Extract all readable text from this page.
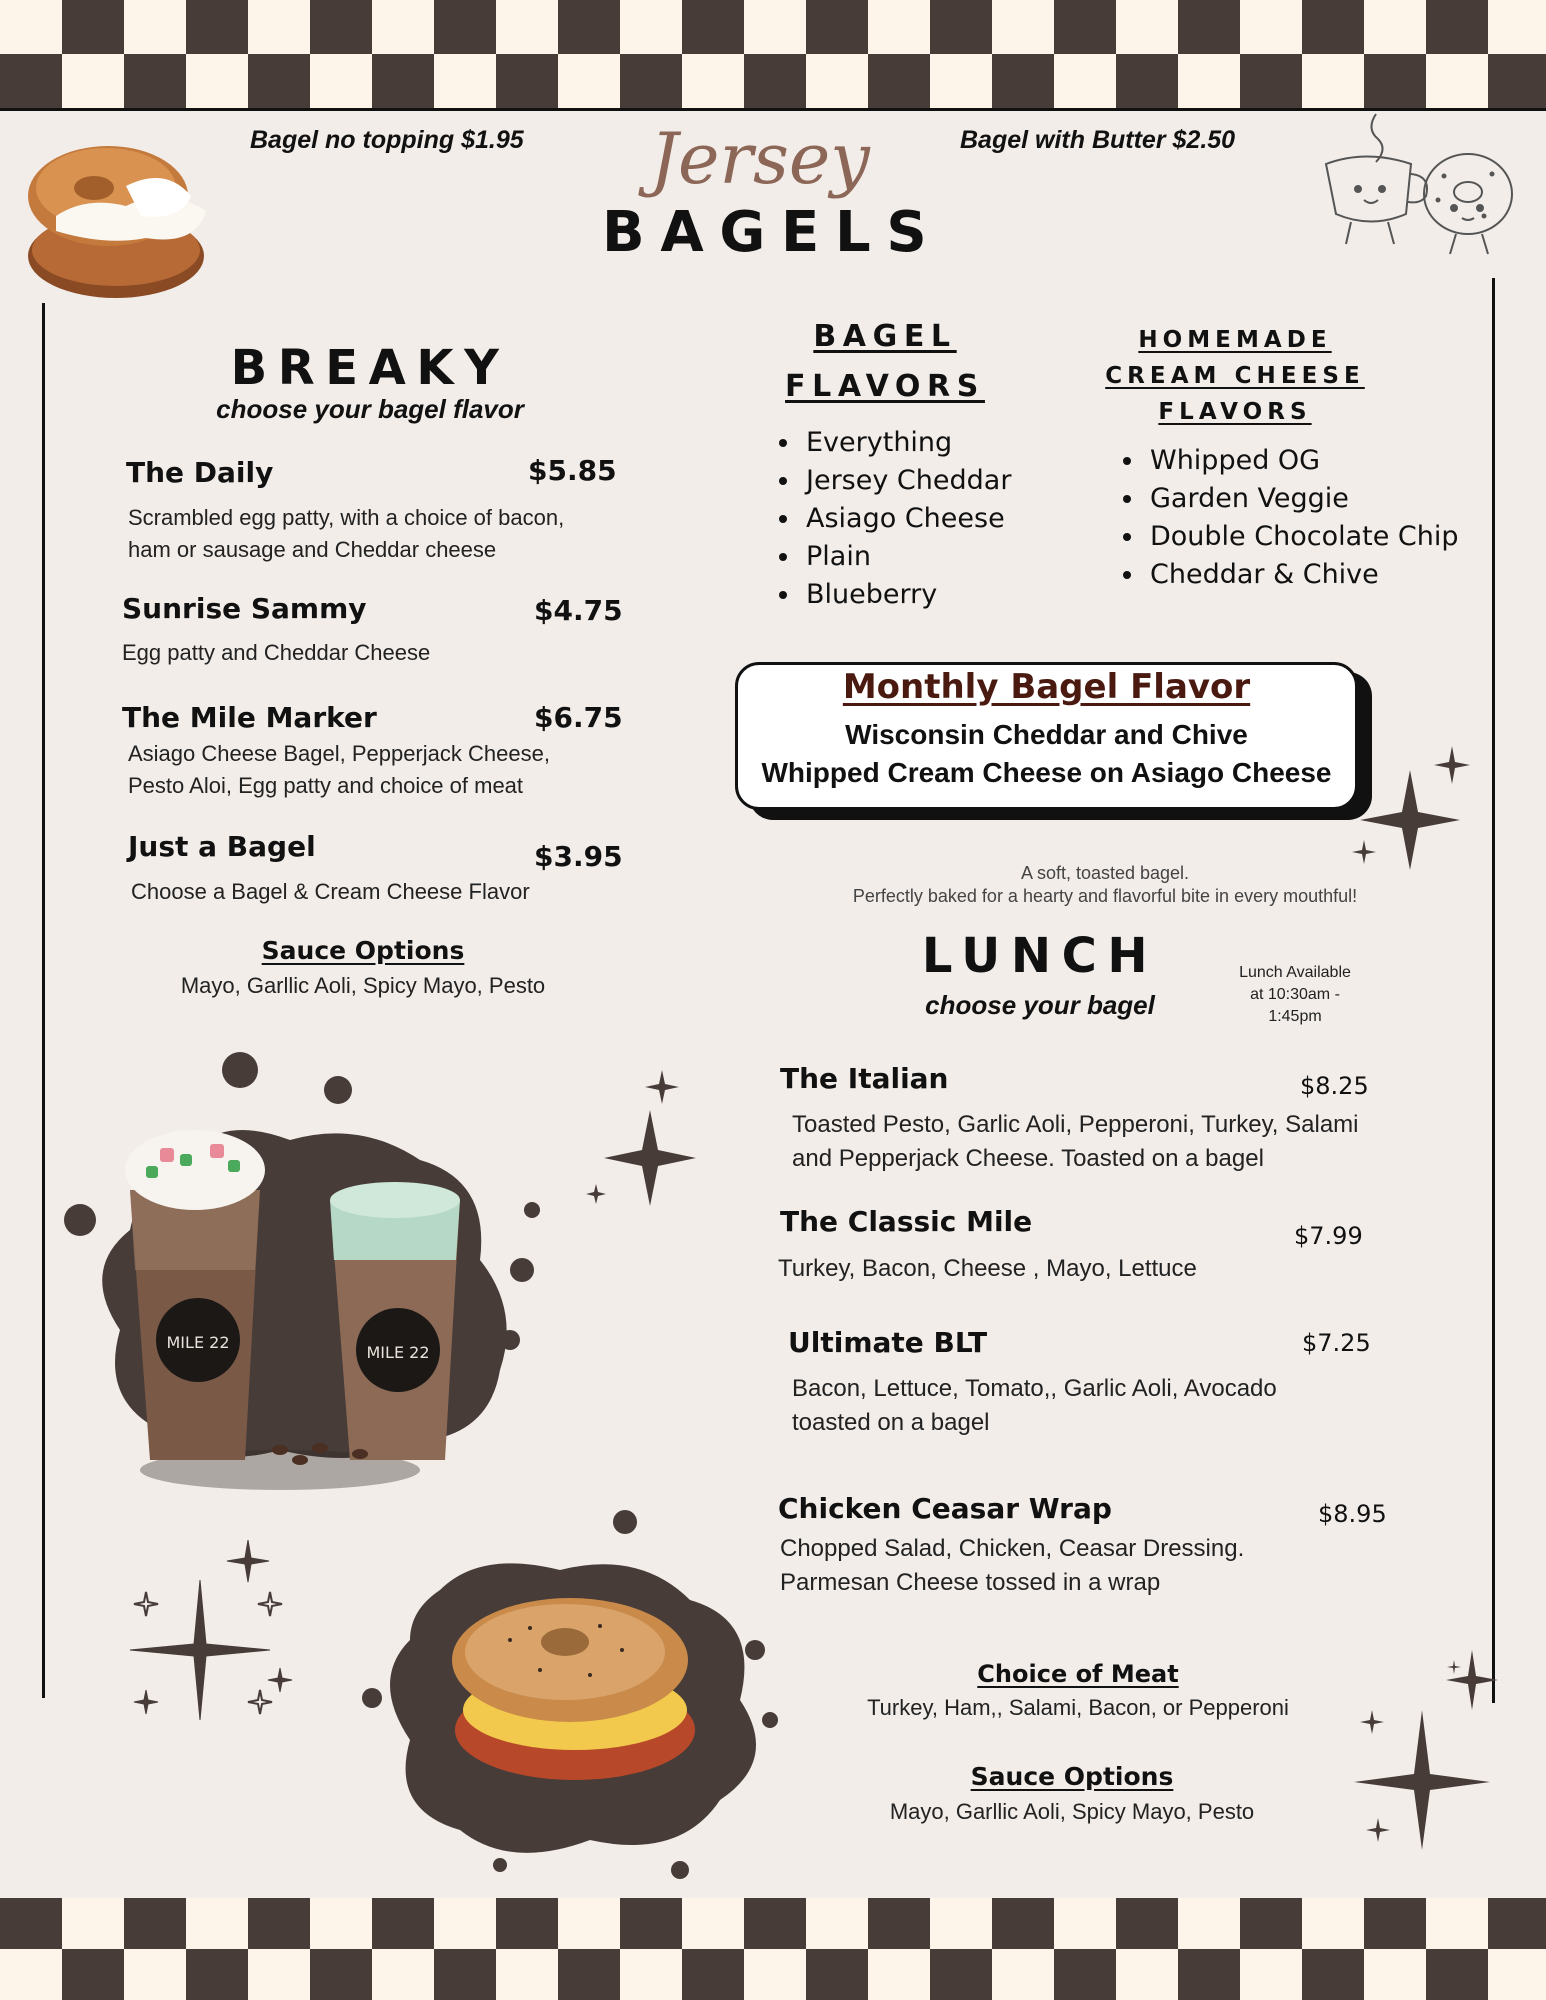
Bagel no topping $1.95	Bagel with Butter $2.50
Jersey
BAGELS
BREAKY
choose your bagel flavor
The Daily	$5.85
Scrambled egg patty, with a choice of bacon, ham or sausage and Cheddar cheese
Sunrise Sammy	$4.75
Egg patty and Cheddar Cheese
The Mile Marker	$6.75
Asiago Cheese Bagel, Pepperjack Cheese, Pesto Aloi, Egg patty and choice of meat
Just a Bagel	$3.95
Choose a Bagel & Cream Cheese Flavor
Sauce Options
Mayo, Garllic Aoli, Spicy Mayo, Pesto
BAGEL
FLAVORS
• Everything
• Jersey Cheddar
• Asiago Cheese
• Plain
• Blueberry
HOMEMADE
CREAM CHEESE
FLAVORS
• Whipped OG
• Garden Veggie
• Double Chocolate Chip
• Cheddar & Chive
Monthly Bagel Flavor
Wisconsin Cheddar and Chive
Whipped Cream Cheese on Asiago Cheese
A soft, toasted bagel.
Perfectly baked for a hearty and flavorful bite in every mouthful!
LUNCH
choose your bagel
Lunch Available
at 10:30am -
1:45pm
The Italian	$8.25
Toasted Pesto, Garlic Aoli, Pepperoni, Turkey, Salami and Pepperjack Cheese. Toasted on a bagel
The Classic Mile	$7.99
Turkey, Bacon, Cheese , Mayo, Lettuce
Ultimate BLT	$7.25
Bacon, Lettuce, Tomato,, Garlic Aoli, Avocado toasted on a bagel
Chicken Ceasar Wrap	$8.95
Chopped Salad, Chicken, Ceasar Dressing. Parmesan Cheese tossed in a wrap
Choice of Meat
Turkey, Ham,, Salami, Bacon, or Pepperoni
Sauce Options
Mayo, Garllic Aoli, Spicy Mayo, Pesto
MILE 22
MILE 22
